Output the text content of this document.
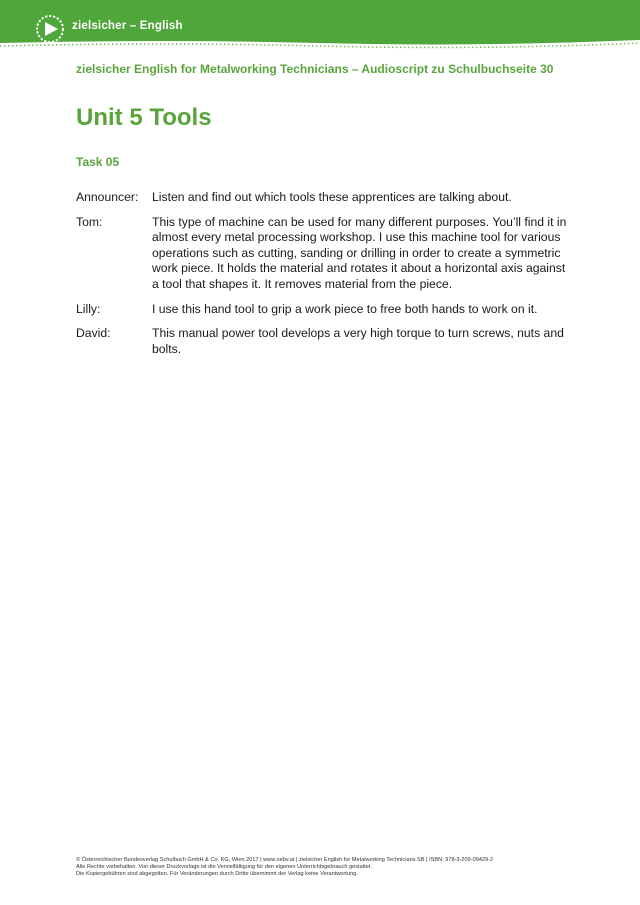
zielsicher – English
zielsicher English for Metalworking Technicians – Audioscript zu Schulbuchseite 30
Unit 5 Tools
Task 05
Announcer:	Listen and find out which tools these apprentices are talking about.
Tom:	This type of machine can be used for many different purposes. You’ll find it in almost every metal processing workshop. I use this machine tool for various operations such as cutting, sanding or drilling in order to create a symmetric work piece. It holds the material and rotates it about a horizontal axis against a tool that shapes it. It removes material from the piece.
Lilly:	I use this hand tool to grip a work piece to free both hands to work on it.
David:	This manual power tool develops a very high torque to turn screws, nuts and bolts.
© Österreichischer Bundesverlag Schulbuch GmbH & Co. KG, Wien 2017 | www.oebv.at | zielsicher English for Metalworking Technicians SB | ISBN: 978-3-209-09429-2
Alle Rechte vorbehalten. Von dieser Druckvorlage ist die Vervielfältigung für den eigenen Unterrichtsgebrauch gestattet.
Die Kopiergebühren sind abgegolten. Für Veränderungen durch Dritte übernimmt der Verlag keine Verantwortung.
